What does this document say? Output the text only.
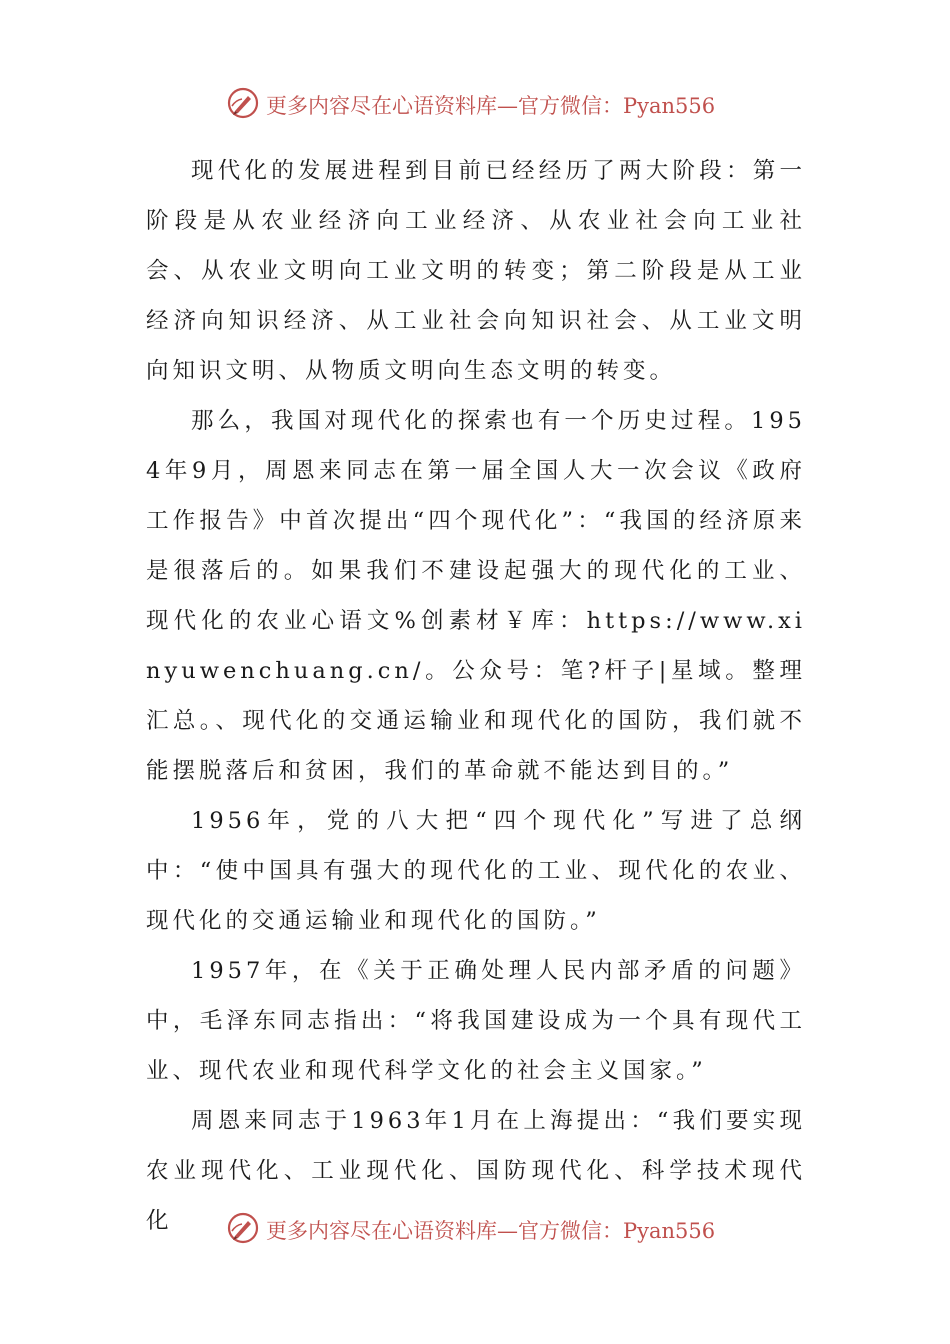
更多内容尽在心语资料库—官方微信：Pyan556

现代化的发展进程到目前已经经历了两大阶段：第一阶段是从农业经济向工业经济、从农业社会向工业社会、从农业文明向工业文明的转变；第二阶段是从工业经济向知识经济、从工业社会向知识社会、从工业文明向知识文明、从物质文明向生态文明的转变。

那么，我国对现代化的探索也有一个历史过程。1954年9月，周恩来同志在第一届全国人大一次会议《政府工作报告》中首次提出“四个现代化”：“我国的经济原来是很落后的。如果我们不建设起强大的现代化的工业、现代化的农业心语文%创素材￥库：https://www.xinyuwenchuang.cn/。公众号：笔?杆子|星域。整理汇总。、现代化的交通运输业和现代化的国防，我们就不能摆脱落后和贫困，我们的革命就不能达到目的。”

1956年，党的八大把“四个现代化”写进了总纲中：“使中国具有强大的现代化的工业、现代化的农业、现代化的交通运输业和现代化的国防。”

1957年，在《关于正确处理人民内部矛盾的问题》中，毛泽东同志指出：“将我国建设成为一个具有现代工业、现代农业和现代科学文化的社会主义国家。”

周恩来同志于1963年1月在上海提出：“我们要实现农业现代化、工业现代化、国防现代化、科学技术现代化	更多内容尽在心语资料库—官方微信：Pyan556
